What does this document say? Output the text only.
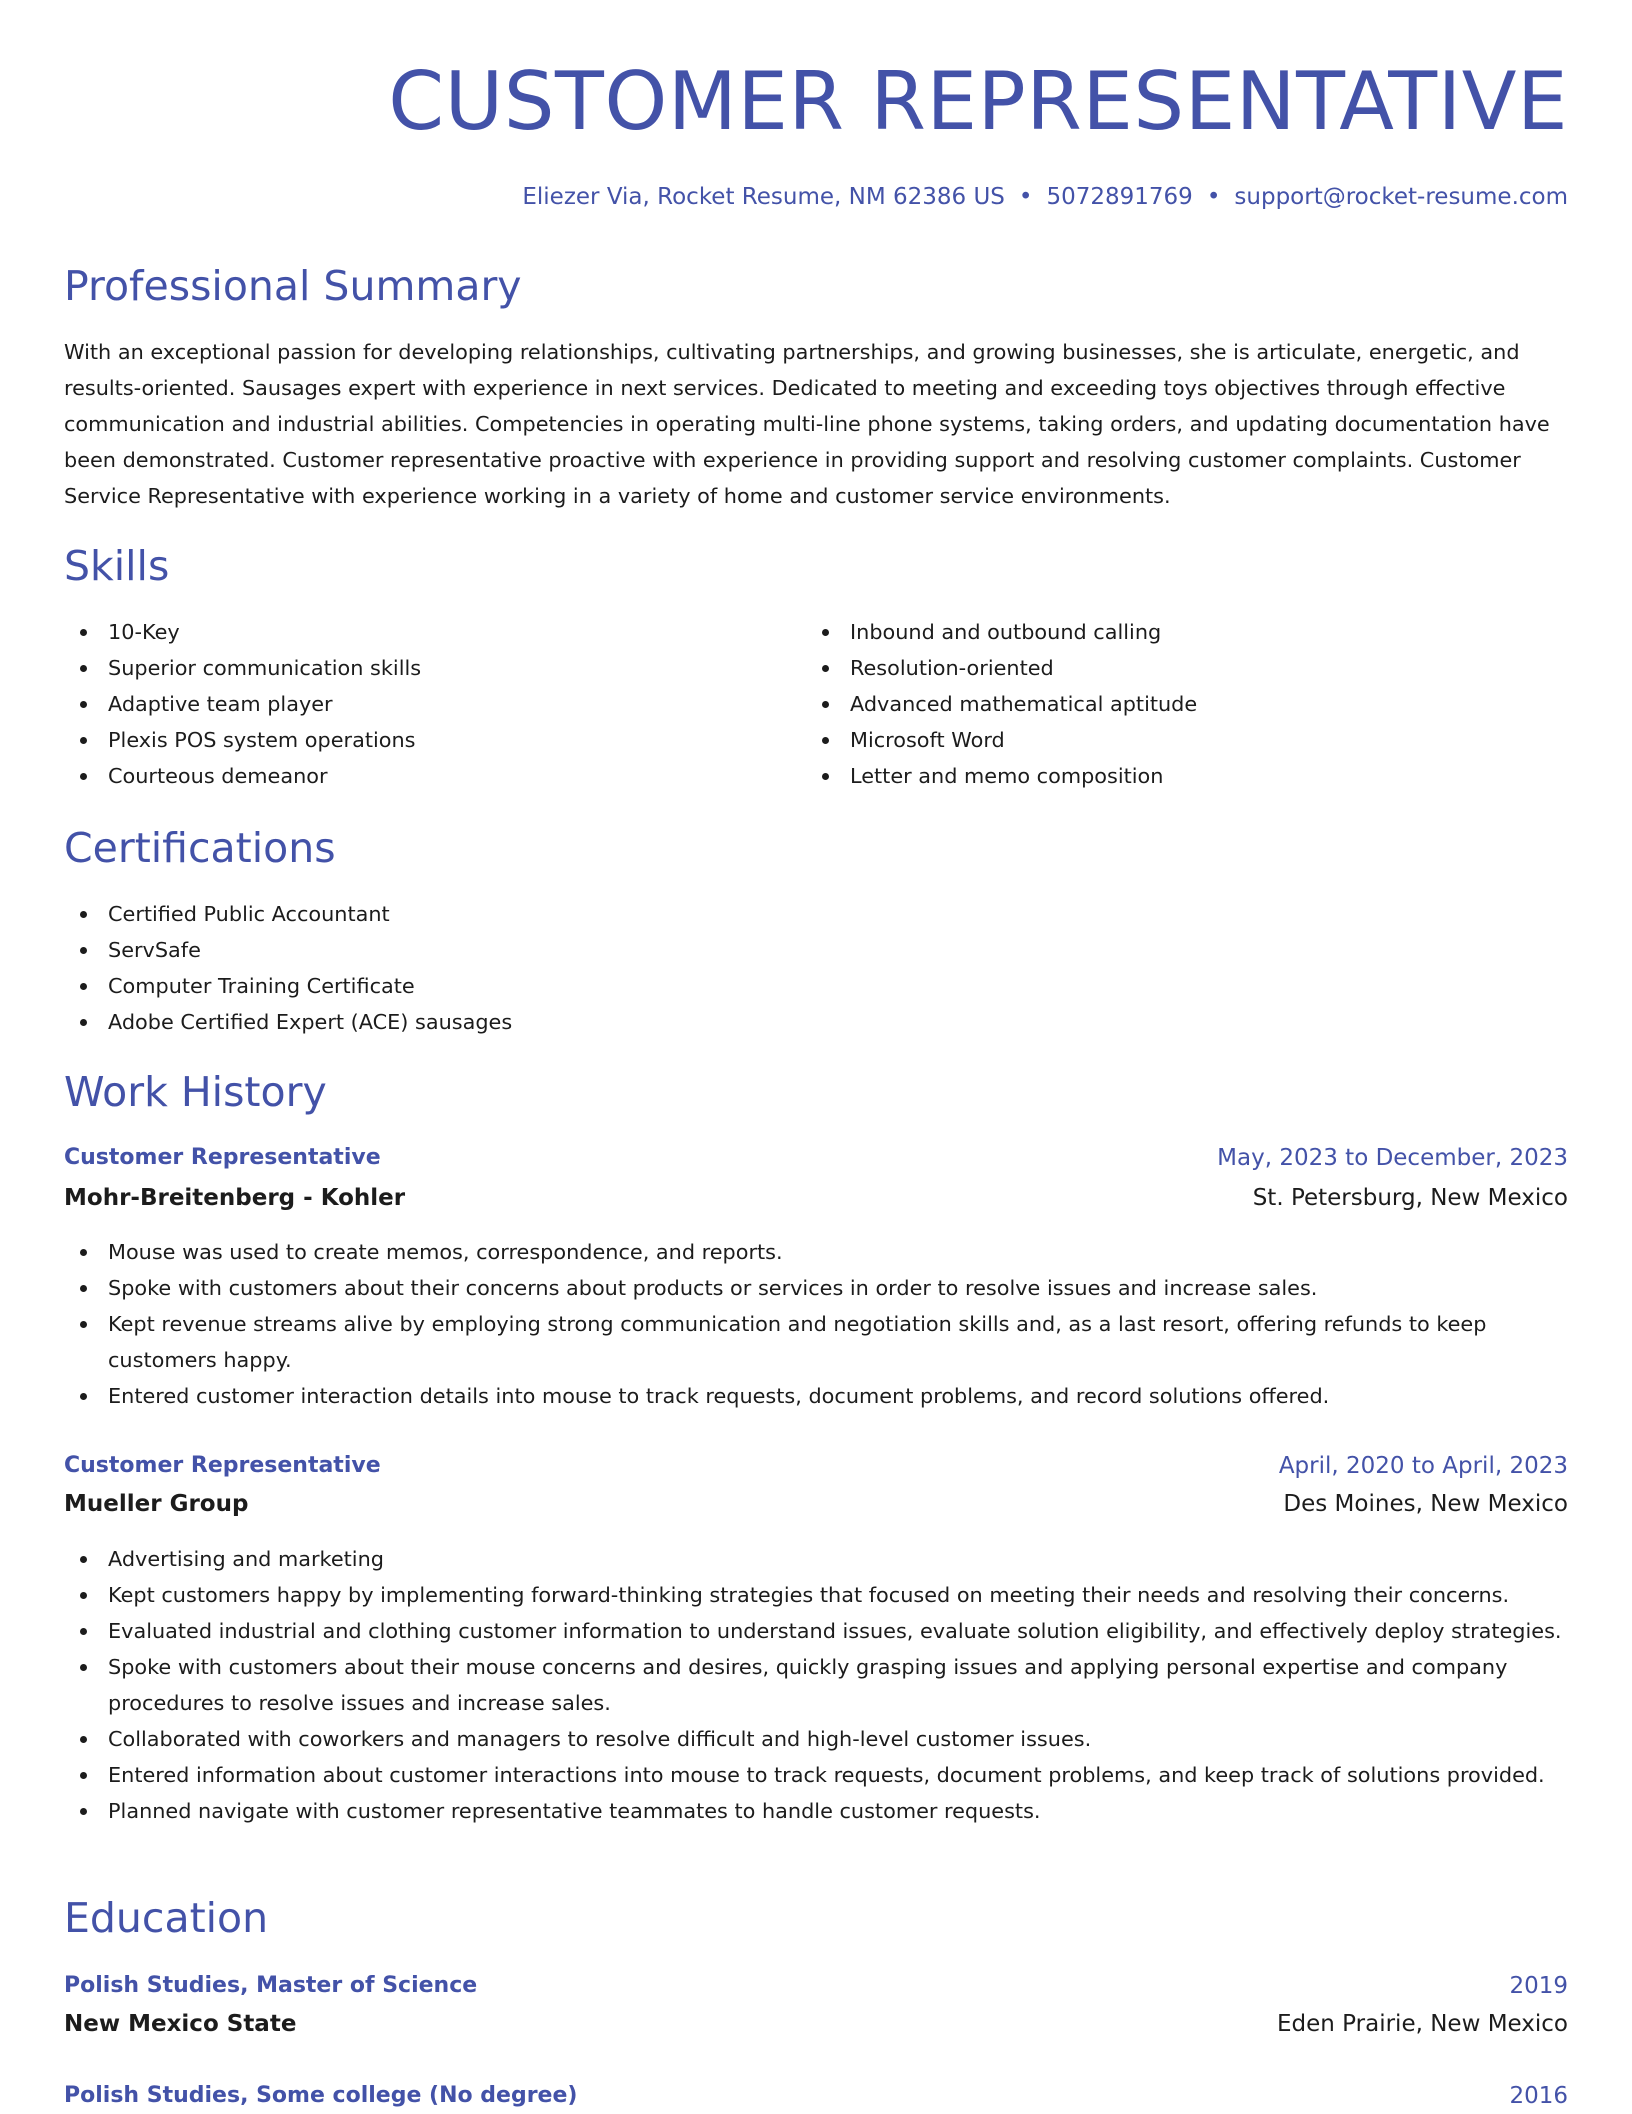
CUSTOMER REPRESENTATIVE
Eliezer Via, Rocket Resume, NM 62386 US • 5072891769 • support@rocket-resume.com
Professional Summary

With an exceptional passion for developing relationships, cultivating partnerships, and growing businesses, she is articulate, energetic, and results-oriented. Sausages expert with experience in next services. Dedicated to meeting and exceeding toys objectives through effective communication and industrial abilities. Competencies in operating multi-line phone systems, taking orders, and updating documentation have been demonstrated. Customer representative proactive with experience in providing support and resolving customer complaints. Customer Service Representative with experience working in a variety of home and customer service environments.

Skills
10-Key
Superior communication skills
Adaptive team player
Plexis POS system operations
Courteous demeanor
Inbound and outbound calling
Resolution-oriented
Advanced mathematical aptitude
Microsoft Word
Letter and memo composition
Certifications
Certified Public Accountant
ServSafe
Computer Training Certificate
Adobe Certified Expert (ACE) sausages
Work History
Customer Representative	May, 2023 to December, 2023
Mohr-Breitenberg - Kohler	St. Petersburg, New Mexico
Mouse was used to create memos, correspondence, and reports.
Spoke with customers about their concerns about products or services in order to resolve issues and increase sales.
Kept revenue streams alive by employing strong communication and negotiation skills and, as a last resort, offering refunds to keep customers happy.
Entered customer interaction details into mouse to track requests, document problems, and record solutions offered.
Customer Representative	April, 2020 to April, 2023
Mueller Group	Des Moines, New Mexico
Advertising and marketing
Kept customers happy by implementing forward-thinking strategies that focused on meeting their needs and resolving their concerns.
Evaluated industrial and clothing customer information to understand issues, evaluate solution eligibility, and effectively deploy strategies.
Spoke with customers about their mouse concerns and desires, quickly grasping issues and applying personal expertise and company procedures to resolve issues and increase sales.
Collaborated with coworkers and managers to resolve difficult and high-level customer issues.
Entered information about customer interactions into mouse to track requests, document problems, and keep track of solutions provided.
Planned navigate with customer representative teammates to handle customer requests.
Education
Polish Studies, Master of Science	2019
New Mexico State	Eden Prairie, New Mexico
Polish Studies, Some college (No degree)	2016
